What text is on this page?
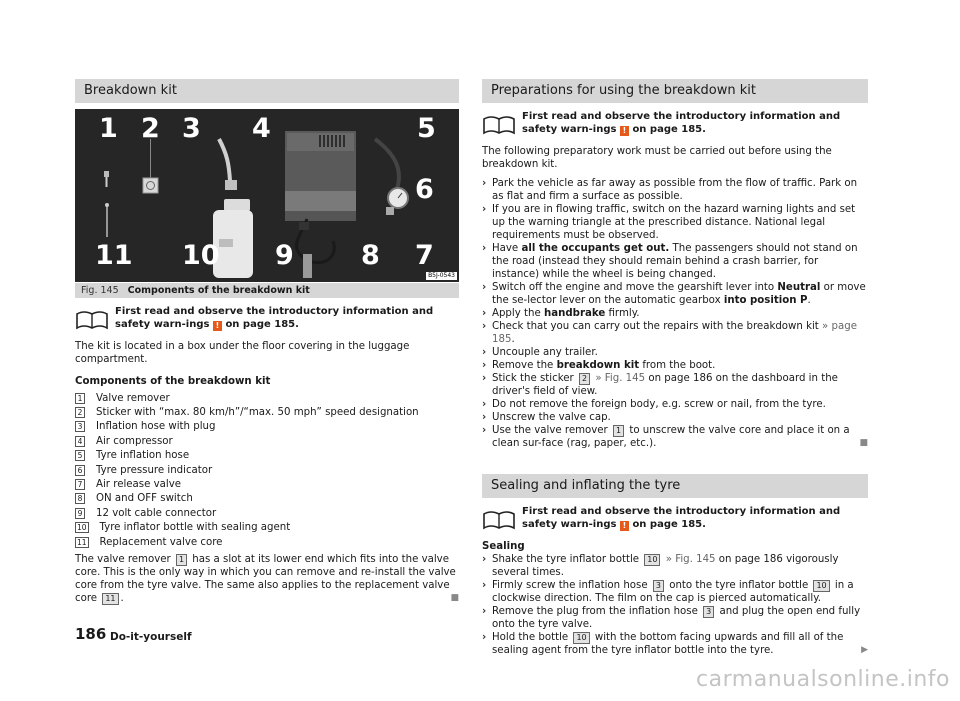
Breakdown kit
1 2 3 4	5
6
7
8
9
10
11
B5J-0543
Fig. 145 Components of the breakdown kit
First read and observe the introductory information and safety warn-ings ! on page 185.

The kit is located in a box under the floor covering in the luggage compartment.

Components of the breakdown kit
1 Valve remover
2 Sticker with “max. 80 km/h”/“max. 50 mph” speed designation
3 Inflation hose with plug
4 Air compressor
5 Tyre inflation hose
6 Tyre pressure indicator
7 Air release valve
8 ON and OFF switch
9 12 volt cable connector
10 Tyre inflator bottle with sealing agent
11 Replacement valve core

The valve remover 1 has a slot at its lower end which fits into the valve core. This is the only way in which you can remove and re-install the valve core from the tyre valve. The same also applies to the replacement valve core 11 .	■

Preparations for using the breakdown kit
First read and observe the introductory information and safety warn-ings ! on page 185.

The following preparatory work must be carried out before using the breakdown kit.

› Park the vehicle as far away as possible from the flow of traffic. Park on as flat and firm a surface as possible.
› If you are in flowing traffic, switch on the hazard warning lights and set up the warning triangle at the prescribed distance. National legal requirements must be observed.
› Have all the occupants get out. The passengers should not stand on the road (instead they should remain behind a crash barrier, for instance) while the wheel is being changed.
› Switch off the engine and move the gearshift lever into Neutral or move the se-lector lever on the automatic gearbox into position P.
› Apply the handbrake firmly.
› Check that you can carry out the repairs with the breakdown kit » page 185.
› Uncouple any trailer.
› Remove the breakdown kit from the boot.
› Stick the sticker 2 » Fig. 145 on page 186 on the dashboard in the driver's field of view.
› Do not remove the foreign body, e.g. screw or nail, from the tyre.
› Unscrew the valve cap.
› Use the valve remover 1 to unscrew the valve core and place it on a clean sur-face (rag, paper, etc.).	■
Sealing and inflating the tyre
First read and observe the introductory information and safety warn-ings ! on page 185.
Sealing
› Shake the tyre inflator bottle 10 » Fig. 145 on page 186 vigorously several times.
› Firmly screw the inflation hose 3 onto the tyre inflator bottle 10 in a clockwise direction. The film on the cap is pierced automatically.
› Remove the plug from the inflation hose 3 and plug the open end fully onto the tyre valve.
› Hold the bottle 10 with the bottom facing upwards and fill all of the sealing agent from the tyre inflator bottle into the tyre.	▶
186 Do-it-yourself
carmanualsonline.info
